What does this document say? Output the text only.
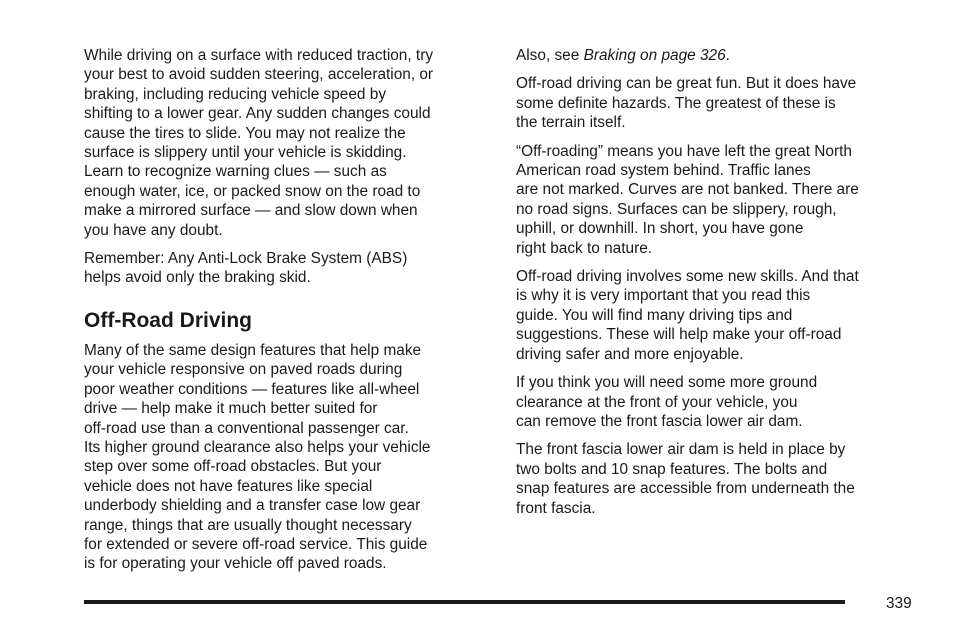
While driving on a surface with reduced traction, try
your best to avoid sudden steering, acceleration, or
braking, including reducing vehicle speed by
shifting to a lower gear. Any sudden changes could
cause the tires to slide. You may not realize the
surface is slippery until your vehicle is skidding.
Learn to recognize warning clues — such as
enough water, ice, or packed snow on the road to
make a mirrored surface — and slow down when
you have any doubt.
Remember: Any Anti-Lock Brake System (ABS)
helps avoid only the braking skid.
Off-Road Driving
Many of the same design features that help make
your vehicle responsive on paved roads during
poor weather conditions — features like all-wheel
drive — help make it much better suited for
off-road use than a conventional passenger car.
Its higher ground clearance also helps your vehicle
step over some off-road obstacles. But your
vehicle does not have features like special
underbody shielding and a transfer case low gear
range, things that are usually thought necessary
for extended or severe off-road service. This guide
is for operating your vehicle off paved roads.
Also, see Braking on page 326.
Off-road driving can be great fun. But it does have
some definite hazards. The greatest of these is
the terrain itself.
“Off-roading” means you have left the great North
American road system behind. Traffic lanes
are not marked. Curves are not banked. There are
no road signs. Surfaces can be slippery, rough,
uphill, or downhill. In short, you have gone
right back to nature.
Off-road driving involves some new skills. And that
is why it is very important that you read this
guide. You will find many driving tips and
suggestions. These will help make your off-road
driving safer and more enjoyable.
If you think you will need some more ground
clearance at the front of your vehicle, you
can remove the front fascia lower air dam.
The front fascia lower air dam is held in place by
two bolts and 10 snap features. The bolts and
snap features are accessible from underneath the
front fascia.
339
